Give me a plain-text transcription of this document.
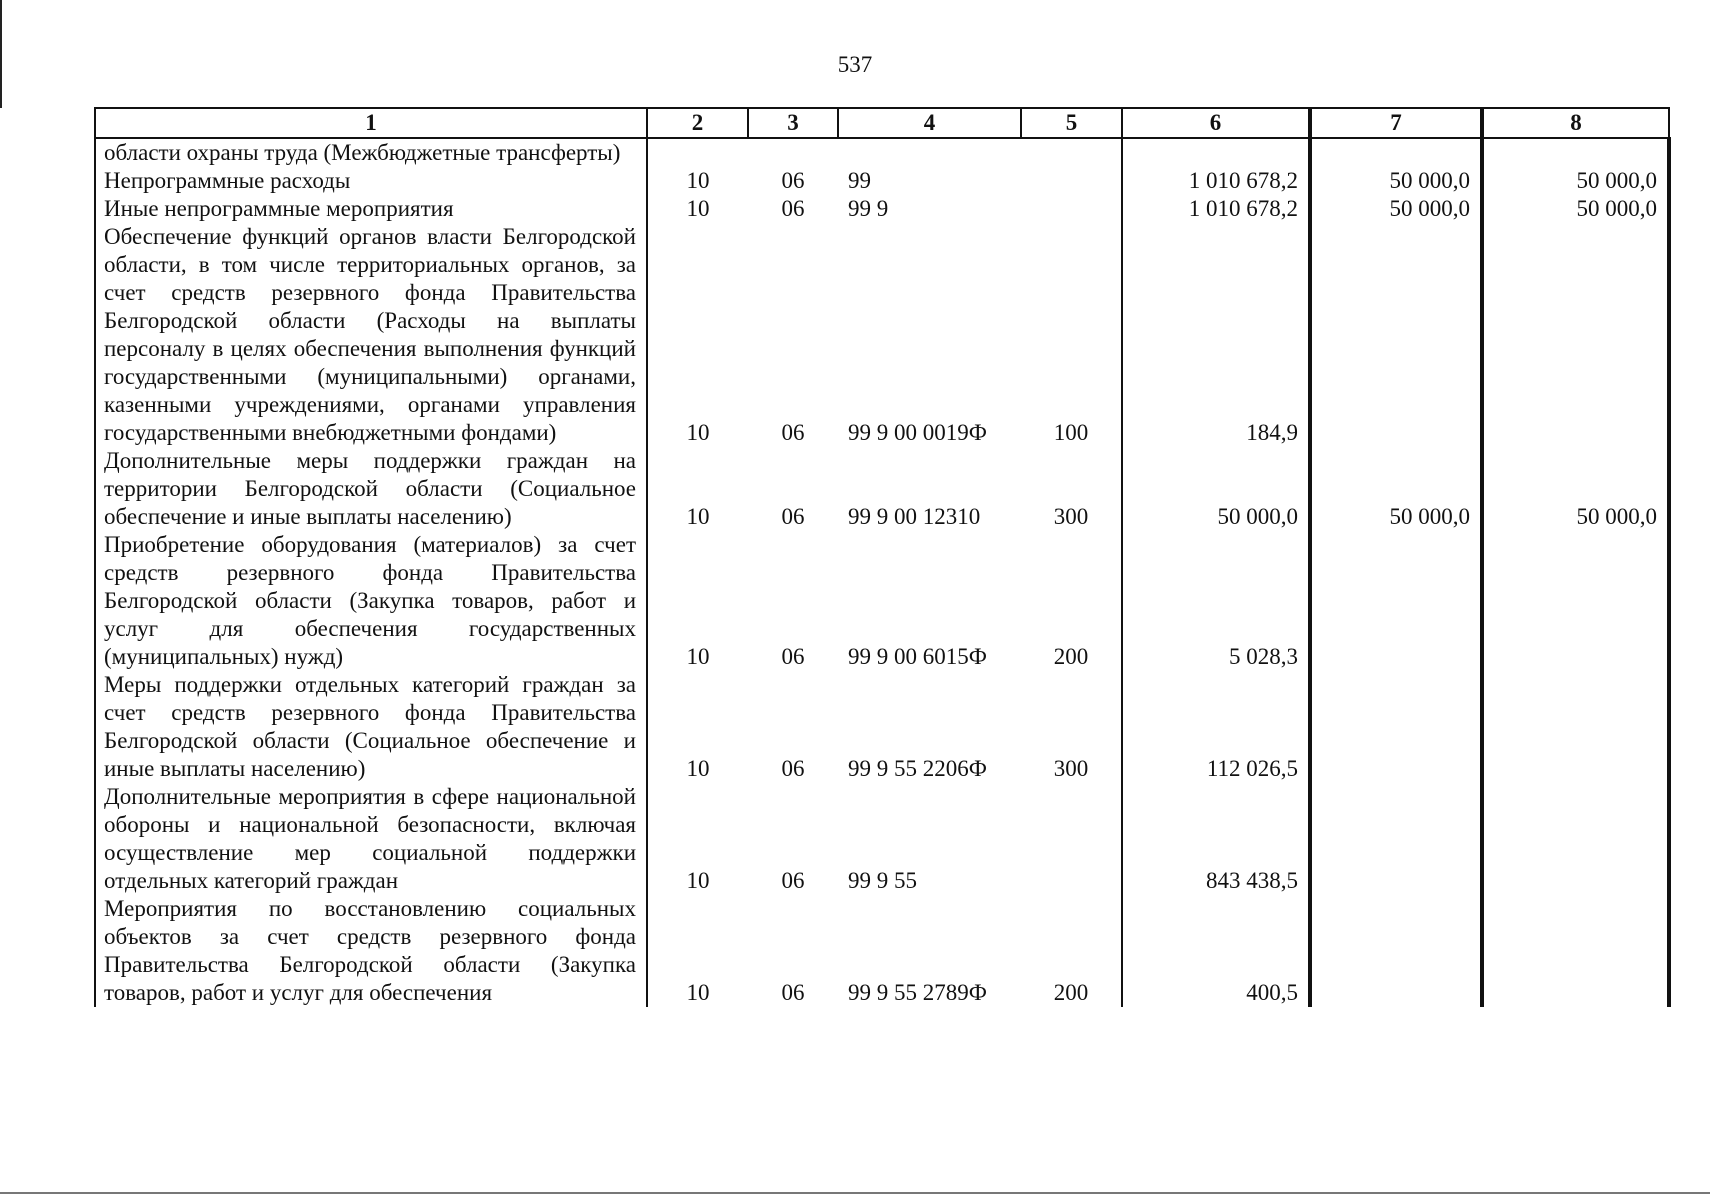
537
1	2	3	4	5	6	7	8
области охраны труда (Межбюджетные трансферты)							
Непрограммные расходы	10	06	99		1 010 678,2	50 000,0	50 000,0
Иные непрограммные мероприятия	10	06	99 9		1 010 678,2	50 000,0	50 000,0
Обеспечение функций органов власти Белгородской области, в том числе территориальных органов, за счет средств резервного фонда Правительства Белгородской области (Расходы на выплаты персоналу в целях обеспечения выполнения функций государственными (муниципальными) органами, казенными учреждениями, органами управления государственными внебюджетными фондами)	10	06	99 9 00 0019Ф	100	184,9		
Дополнительные меры поддержки граждан на территории Белгородской области (Социальное обеспечение и иные выплаты населению)	10	06	99 9 00 12310	300	50 000,0	50 000,0	50 000,0
Приобретение оборудования (материалов) за счет средств резервного фонда Правительства Белгородской области (Закупка товаров, работ и услуг для обеспечения государственных (муниципальных) нужд)	10	06	99 9 00 6015Ф	200	5 028,3		
Меры поддержки отдельных категорий граждан за счет средств резервного фонда Правительства Белгородской области (Социальное обеспечение и иные выплаты населению)	10	06	99 9 55 2206Ф	300	112 026,5		
Дополнительные мероприятия в сфере национальной обороны и национальной безопасности, включая осуществление мер социальной поддержки отдельных категорий граждан	10	06	99 9 55		843 438,5		
Мероприятия по восстановлению социальных объектов за счет средств резервного фонда Правительства Белгородской области (Закупка товаров, работ и услуг для обеспечения	10	06	99 9 55 2789Ф	200	400,5		
